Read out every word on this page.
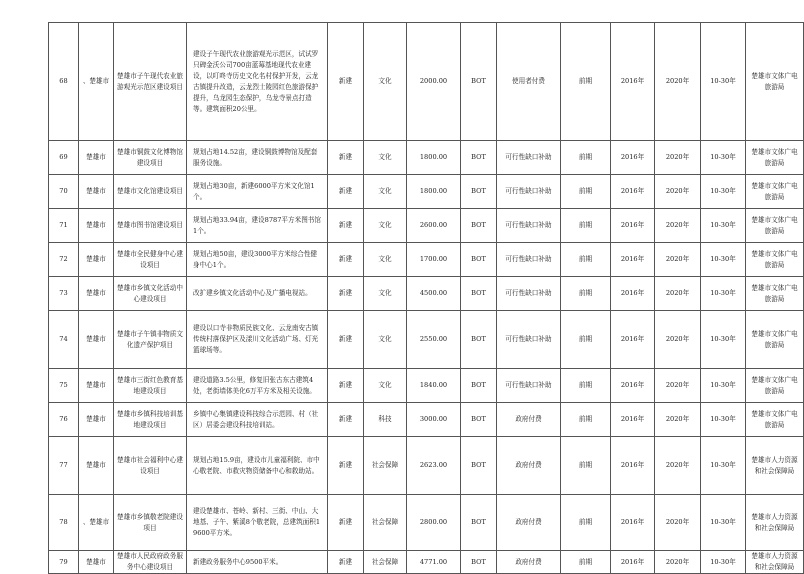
68	、楚雄市	楚雄市子午现代农业旅游观光示范区建设项目	建设子午现代农业旅游观光示范区，试试罗只碑金沃公司700亩蓝莓基地现代农业建设，以叮咚寺历史文化名村保护开发，云龙古镇提升改造，云龙烈士陵园红色旅游保护提升，乌龙园生态保护，乌龙寺景点打造等。建筑面积20公里。	新建	文化	2000.00	BOT	使用者付费	前期	2016年	2020年	10-30年	楚雄市文体广电旅游局
69	楚雄市	楚雄市铜鼓文化博物馆建设项目	规划占地14.52亩，建设铜鼓博物馆及配套服务设施。	新建	文化	1800.00	BOT	可行性缺口补助	前期	2016年	2020年	10-30年	楚雄市文体广电旅游局
70	楚雄市	楚雄市文化馆建设项目	规划占地30亩，新建6000平方米文化馆1个。	新建	文化	1800.00	BOT	可行性缺口补助	前期	2016年	2020年	10-30年	楚雄市文体广电旅游局
71	楚雄市	楚雄市图书馆建设项目	规划占地33.94亩，建设8787平方米图书馆1个。	新建	文化	2600.00	BOT	可行性缺口补助	前期	2016年	2020年	10-30年	楚雄市文体广电旅游局
72	楚雄市	楚雄市全民健身中心建设项目	规划占地50亩，建设3000平方米综合性健身中心1个。	新建	文化	1700.00	BOT	可行性缺口补助	前期	2016年	2020年	10-30年	楚雄市文体广电旅游局
73	楚雄市	楚雄市乡镇文化活动中心建设项目	改扩建乡镇文化活动中心及广播电视站。	新建	文化	4500.00	BOT	可行性缺口补助	前期	2016年	2020年	10-30年	楚雄市文体广电旅游局
74	楚雄市	楚雄市子午镇非物质文化遗产保护项目	建设以口寺非物质民族文化、云龙南安古镇传统村落保护区及漾川文化活动广场、灯光篮球场等。	新建	文化	2550.00	BOT	可行性缺口补助	前期	2016年	2020年	10-30年	楚雄市文体广电旅游局
75	楚雄市	楚雄市三街红色教育基地建设项目	建设道路3.5公里，修复旧张古东古建筑4处，老街墙体美化6万平方米及相关设施。	新建	文化	1840.00	BOT	可行性缺口补助	前期	2016年	2020年	10-30年	楚雄市文体广电旅游局
76	楚雄市	楚雄市乡镇科技培训基地建设项目	乡镇中心集镇建设科技综合示范园、村（社区）居委会建设科技培训站。	新建	科技	3000.00	BOT	政府付费	前期	2016年	2020年	10-30年	楚雄市文体广电旅游局
77	楚雄市	楚雄市社会福利中心建设项目	规划占地15.9亩，建设市儿童福利院、市中心敬老院、市救灾物资储备中心和救助站。	新建	社会保障	2623.00	BOT	政府付费	前期	2016年	2020年	10-30年	楚雄市人力资源和社会保障局
78	、楚雄市	楚雄市乡镇敬老院建设项目	建设楚雄市、苍岭、新村、三街、中山、大地基、子午、紫溪8个敬老院，总建筑面积19600平方米。	新建	社会保障	2800.00	BOT	政府付费	前期	2016年	2020年	10-30年	楚雄市人力资源和社会保障局
79	楚雄市	楚雄市人民政府政务服务中心建设项目	新建政务服务中心9500平米。	新建	社会保障	4771.00	BOT	政府付费	前期	2016年	2020年	10-30年	楚雄市人力资源和社会保障局
